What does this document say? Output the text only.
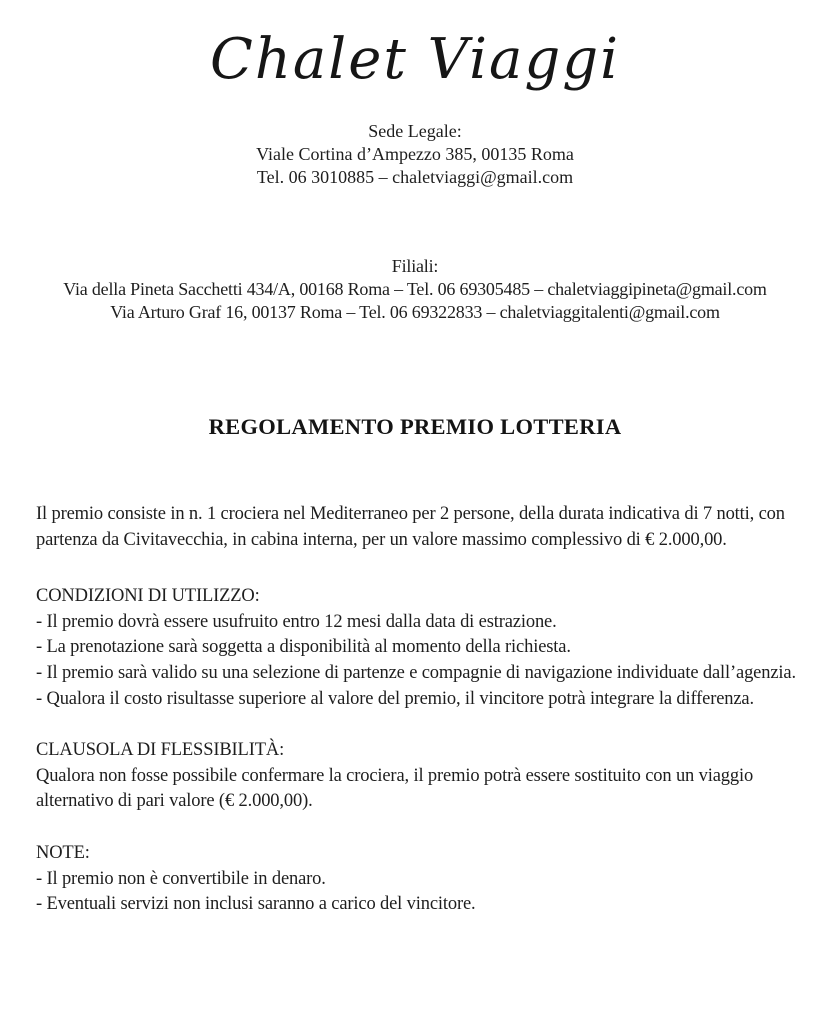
Chalet Viaggi
Sede Legale:
Viale Cortina d’Ampezzo 385, 00135 Roma
Tel. 06 3010885 – chaletviaggi@gmail.com
Filiali:
Via della Pineta Sacchetti 434/A, 00168 Roma – Tel. 06 69305485 – chaletviaggipineta@gmail.com
Via Arturo Graf 16, 00137 Roma – Tel. 06 69322833 – chaletviaggitalenti@gmail.com
REGOLAMENTO PREMIO LOTTERIA

Il premio consiste in n. 1 crociera nel Mediterraneo per 2 persone, della durata indicativa di 7 notti, con partenza da Civitavecchia, in cabina interna, per un valore massimo complessivo di € 2.000,00.

CONDIZIONI DI UTILIZZO:
- Il premio dovrà essere usufruito entro 12 mesi dalla data di estrazione.
- La prenotazione sarà soggetta a disponibilità al momento della richiesta.
- Il premio sarà valido su una selezione di partenze e compagnie di navigazione individuate dall’agenzia.
- Qualora il costo risultasse superiore al valore del premio, il vincitore potrà integrare la differenza.
CLAUSOLA DI FLESSIBILITÀ:
Qualora non fosse possibile confermare la crociera, il premio potrà essere sostituito con un viaggio alternativo di pari valore (€ 2.000,00).
NOTE:
- Il premio non è convertibile in denaro.
- Eventuali servizi non inclusi saranno a carico del vincitore.
